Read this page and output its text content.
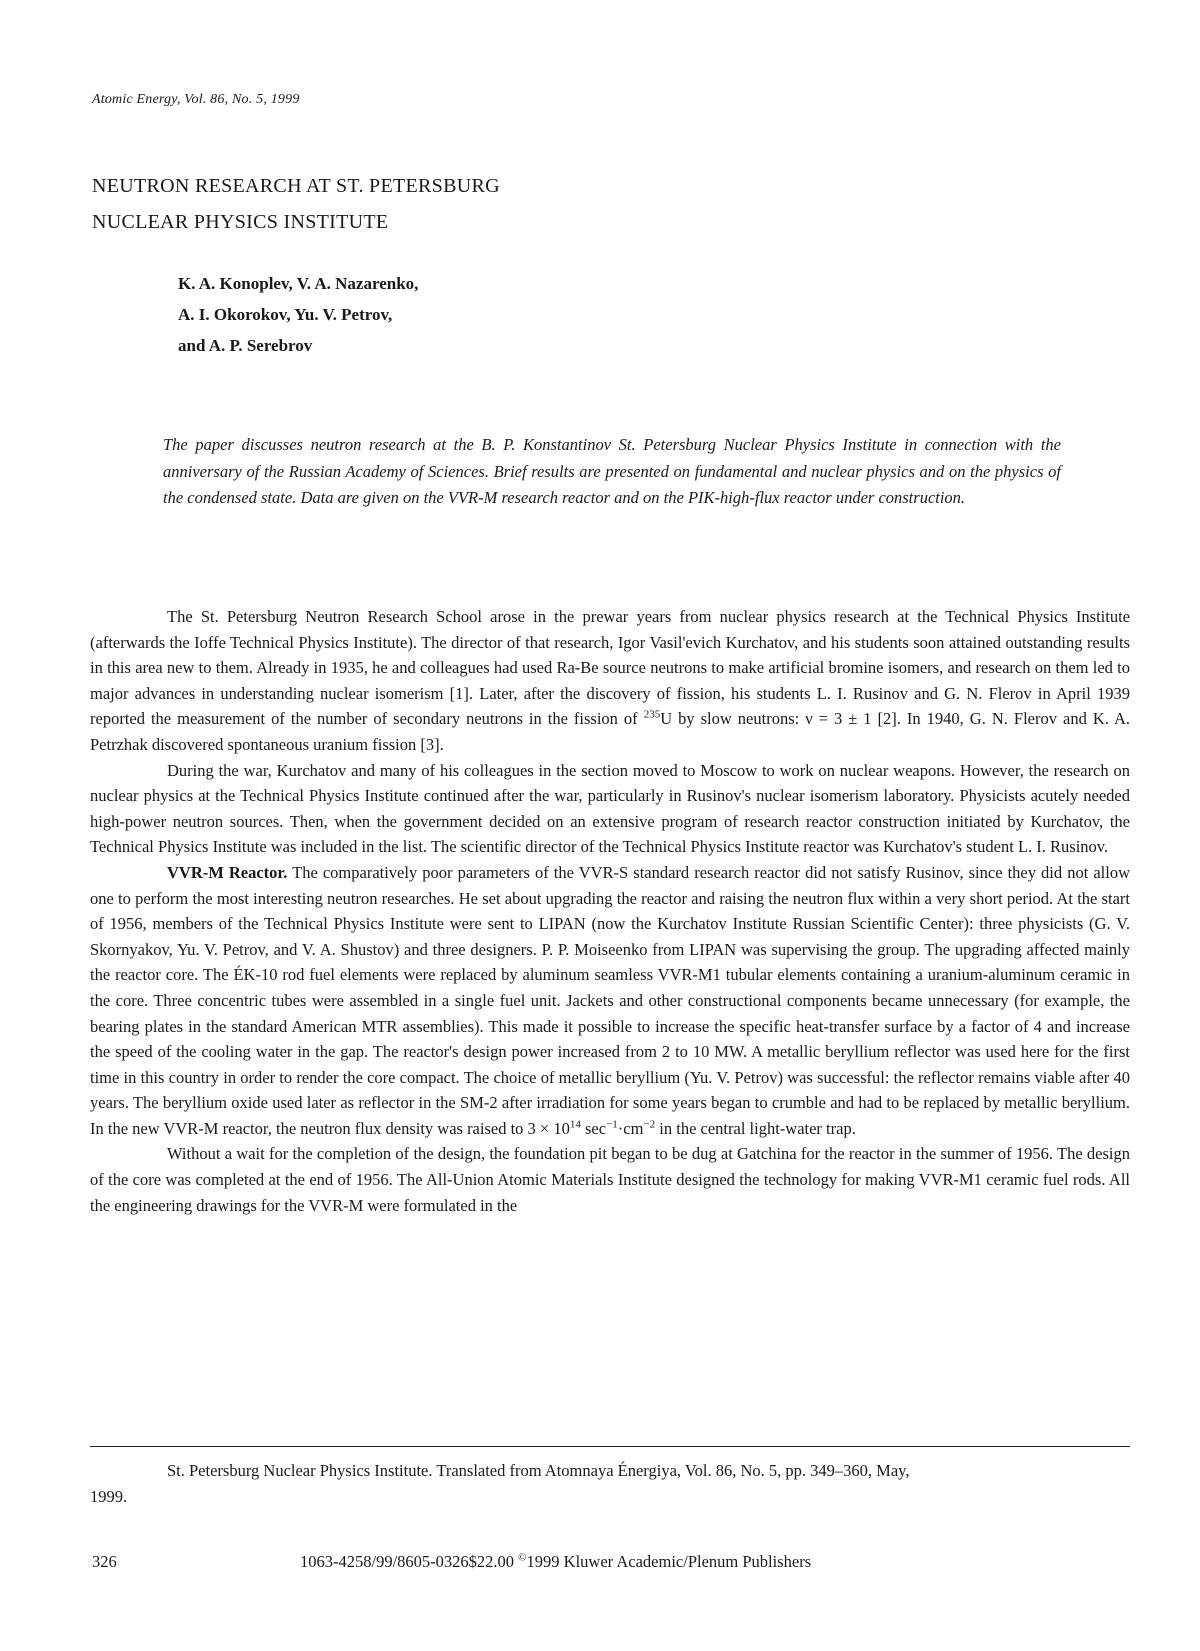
Atomic Energy, Vol. 86, No. 5, 1999
NEUTRON RESEARCH AT ST. PETERSBURG
NUCLEAR PHYSICS INSTITUTE
K. A. Konoplev, V. A. Nazarenko,
A. I. Okorokov, Yu. V. Petrov,
and A. P. Serebrov

The paper discusses neutron research at the B. P. Konstantinov St. Petersburg Nuclear Physics Institute in connection with the anniversary of the Russian Academy of Sciences. Brief results are presented on fundamental and nuclear physics and on the physics of the condensed state. Data are given on the VVR-M research reactor and on the PIK-high-flux reactor under construction.

The St. Petersburg Neutron Research School arose in the prewar years from nuclear physics research at the Technical Physics Institute (afterwards the Ioffe Technical Physics Institute). The director of that research, Igor Vasil'evich Kurchatov, and his students soon attained outstanding results in this area new to them. Already in 1935, he and colleagues had used Ra-Be source neutrons to make artificial bromine isomers, and research on them led to major advances in understanding nuclear isomerism [1]. Later, after the discovery of fission, his students L. I. Rusinov and G. N. Flerov in April 1939 reported the measurement of the number of secondary neutrons in the fission of $^{235}$U by slow neutrons: ν = 3 ± 1 [2]. In 1940, G. N. Flerov and K. A. Petrzhak discovered spontaneous uranium fission [3].

During the war, Kurchatov and many of his colleagues in the section moved to Moscow to work on nuclear weapons. However, the research on nuclear physics at the Technical Physics Institute continued after the war, particularly in Rusinov's nuclear isomerism laboratory. Physicists acutely needed high-power neutron sources. Then, when the government decided on an extensive program of research reactor construction initiated by Kurchatov, the Technical Physics Institute was included in the list. The scientific director of the Technical Physics Institute reactor was Kurchatov's student L. I. Rusinov.

VVR-M Reactor. The comparatively poor parameters of the VVR-S standard research reactor did not satisfy Rusinov, since they did not allow one to perform the most interesting neutron researches. He set about upgrading the reactor and raising the neutron flux within a very short period. At the start of 1956, members of the Technical Physics Institute were sent to LIPAN (now the Kurchatov Institute Russian Scientific Center): three physicists (G. V. Skornyakov, Yu. V. Petrov, and V. A. Shustov) and three designers. P. P. Moiseenko from LIPAN was supervising the group. The upgrading affected mainly the reactor core. The ÉK-10 rod fuel elements were replaced by aluminum seamless VVR-M1 tubular elements containing a uranium-aluminum ceramic in the core. Three concentric tubes were assembled in a single fuel unit. Jackets and other constructional components became unnecessary (for example, the bearing plates in the standard American MTR assemblies). This made it possible to increase the specific heat-transfer surface by a factor of 4 and increase the speed of the cooling water in the gap. The reactor's design power increased from 2 to 10 MW. A metallic beryllium reflector was used here for the first time in this country in order to render the core compact. The choice of metallic beryllium (Yu. V. Petrov) was successful: the reflector remains viable after 40 years. The beryllium oxide used later as reflector in the SM-2 after irradiation for some years began to crumble and had to be replaced by metallic beryllium. In the new VVR-M reactor, the neutron flux density was raised to $3 \times 10^{14}$ $\sec^{-1}\cdot cm^{-2}$ in the central light-water trap.

Without a wait for the completion of the design, the foundation pit began to be dug at Gatchina for the reactor in the summer of 1956. The design of the core was completed at the end of 1956. The All-Union Atomic Materials Institute designed the technology for making VVR-M1 ceramic fuel rods. All the engineering drawings for the VVR-M were formulated in the

St. Petersburg Nuclear Physics Institute. Translated from Atomnaya Énergiya, Vol. 86, No. 5, pp. 349–360, May,
1999.
326	1063-4258/99/8605-0326$22.00 ©1999 Kluwer Academic/Plenum Publishers
